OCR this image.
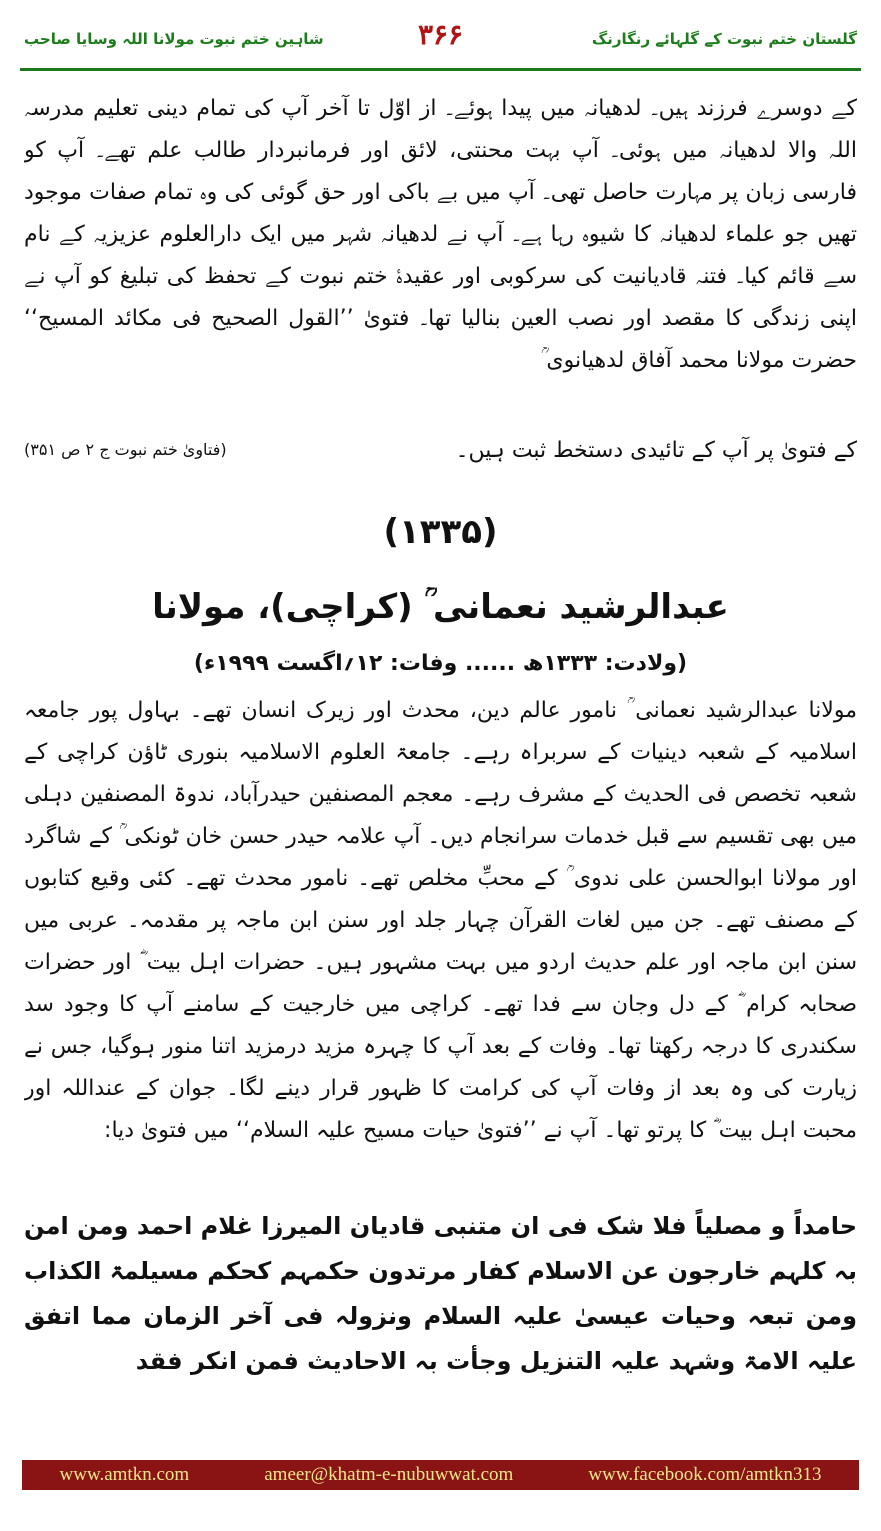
گلستان ختم نبوت کے گلہائے رنگارنگ
۳۶۶
شاہین ختم نبوت مولانا اللہ وسایا صاحب

کے دوسرے فرزند ہیں۔ لدھیانہ میں پیدا ہوئے۔ از اوّل تا آخر آپ کی تمام دینی تعلیم مدرسہ اللہ والا لدھیانہ میں ہوئی۔ آپ بہت محنتی، لائق اور فرمانبردار طالب علم تھے۔ آپ کو فارسی زبان پر مہارت حاصل تھی۔ آپ میں بے باکی اور حق گوئی کی وہ تمام صفات موجود تھیں جو علماء لدھیانہ کا شیوہ رہا ہے۔ آپ نے لدھیانہ شہر میں ایک دارالعلوم عزیزیہ کے نام سے قائم کیا۔ فتنہ قادیانیت کی سرکوبی اور عقیدۂ ختم نبوت کے تحفظ کی تبلیغ کو آپ نے اپنی زندگی کا مقصد اور نصب العین بنالیا تھا۔ فتویٰ ’’القول الصحیح فی مکائد المسیح‘‘ حضرت مولانا محمد آفاق لدھیانوی ؒ

کے فتویٰ پر آپ کے تائیدی دستخط ثبت ہیں۔
(فتاویٰ ختم نبوت ج ۲ ص ۳۵۱)
(۱۳۳۵)
عبدالرشید نعمانی ؒ (کراچی)، مولانا
(ولادت: ۱۳۳۳ھ ...... وفات: ۱۲؍اگست ۱۹۹۹ء)

مولانا عبدالرشید نعمانی ؒ نامور عالم دین، محدث اور زیرک انسان تھے۔ بہاول پور جامعہ اسلامیہ کے شعبہ دینیات کے سربراہ رہے۔ جامعۃ العلوم الاسلامیہ بنوری ٹاؤن کراچی کے شعبہ تخصص فی الحدیث کے مشرف رہے۔ معجم المصنفین حیدرآباد، ندوۃ المصنفین دہلی میں بھی تقسیم سے قبل خدمات سرانجام دیں۔ آپ علامہ حیدر حسن خان ٹونکی ؒ کے شاگرد اور مولانا ابوالحسن علی ندوی ؒ کے محبِّ مخلص تھے۔ نامور محدث تھے۔ کئی وقیع کتابوں کے مصنف تھے۔ جن میں لغات القرآن چہار جلد اور سنن ابن ماجہ پر مقدمہ۔ عربی میں سنن ابن ماجہ اور علم حدیث اردو میں بہت مشہور ہیں۔ حضرات اہل بیت ؓ اور حضرات صحابہ کرام ؓ کے دل وجان سے فدا تھے۔ کراچی میں خارجیت کے سامنے آپ کا وجود سد سکندری کا درجہ رکھتا تھا۔ وفات کے بعد آپ کا چہرہ مزید درمزید اتنا منور ہوگیا، جس نے زیارت کی وہ بعد از وفات آپ کی کرامت کا ظہور قرار دینے لگا۔ جوان کے عنداللہ اور محبت اہل بیت ؓ کا پرتو تھا۔ آپ نے ’’فتویٰ حیات مسیح علیہ السلام‘‘ میں فتویٰ دیا:

حامداً و مصلیاً فلا شک فی ان متنبی قادیان المیرزا غلام احمد ومن امن بہ کلہم خارجون عن الاسلام کفار مرتدون حکمہم کحکم مسیلمۃ الکذاب ومن تبعہ وحیات عیسیٰ علیہ السلام ونزولہ فی آخر الزمان مما اتفق علیہ الامۃ وشہد علیہ التنزیل وجأت بہ الاحادیث فمن انکر فقد

www.amtkn.com	ameer@khatm-e-nubuwwat.com	www.facebook.com/amtkn313
